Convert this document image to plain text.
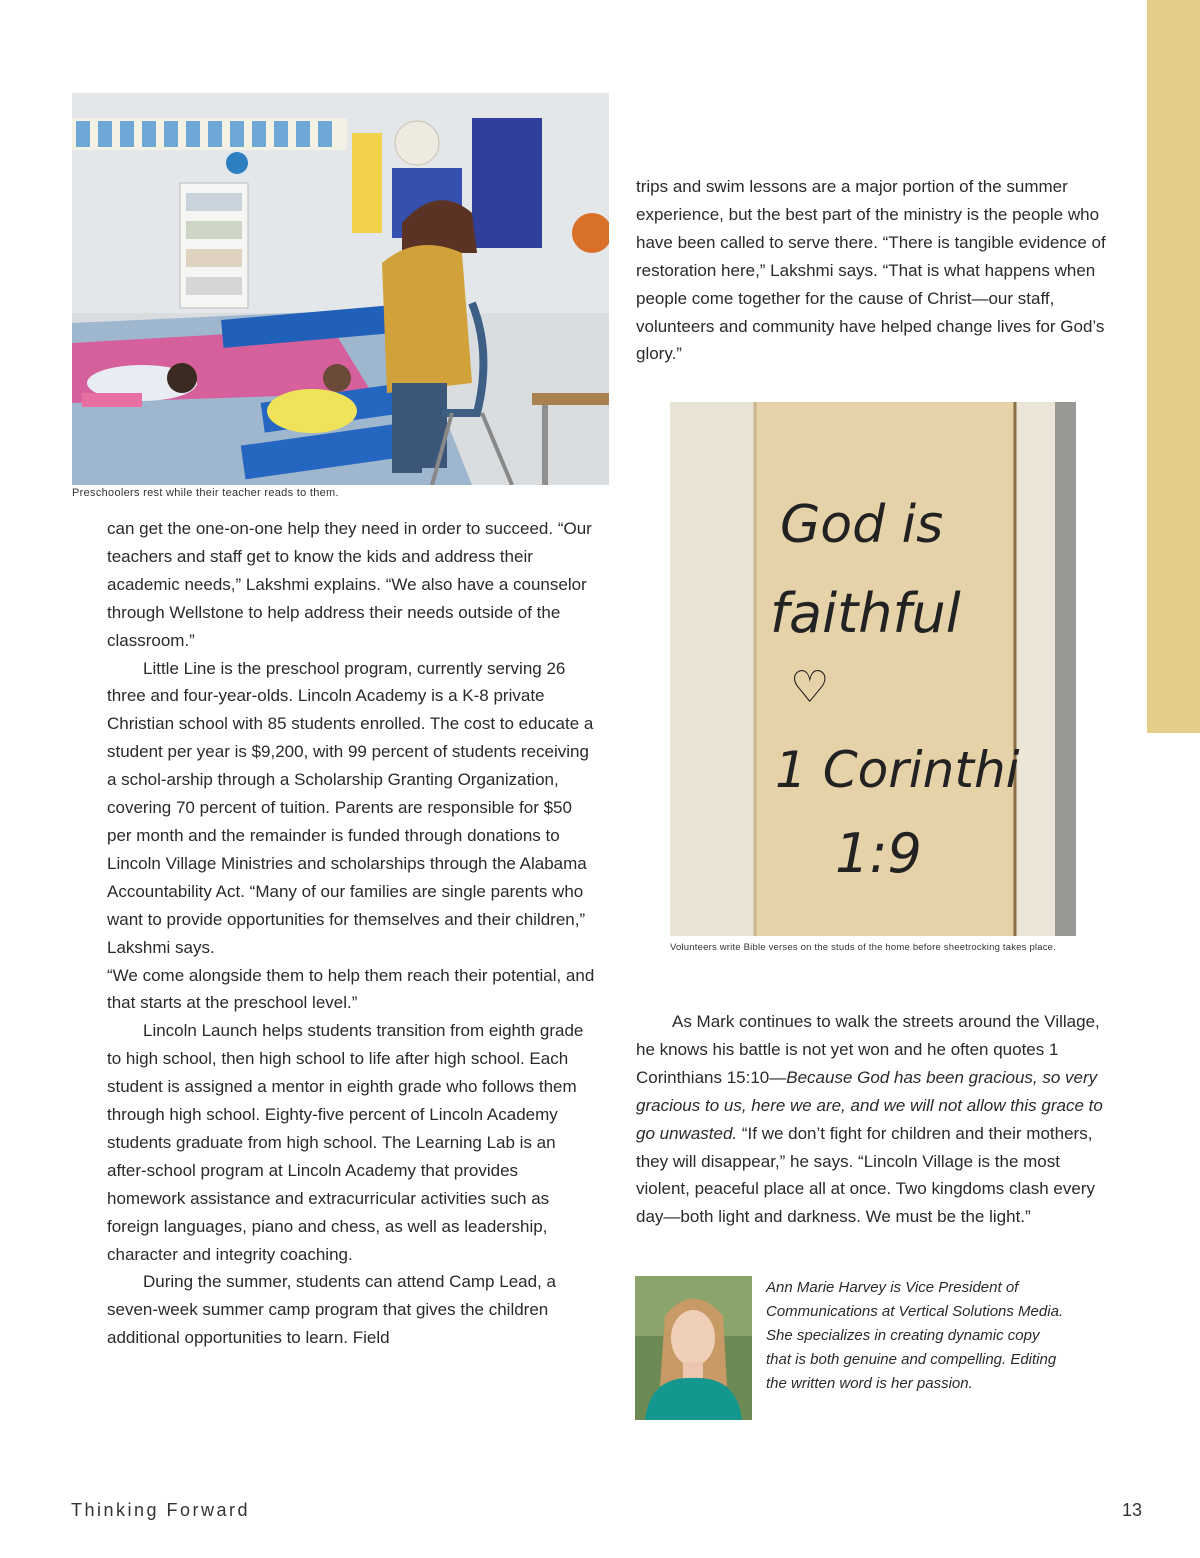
Preschoolers rest while their teacher reads to them.

can get the one-on-one help they need in order to succeed. “Our teachers and staff get to know the kids and address their academic needs,” Lakshmi explains. “We also have a counselor through Wellstone to help address their needs outside of the classroom.”

Little Line is the preschool program, currently serving 26 three and four-year-olds. Lincoln Academy is a K-8 private Christian school with 85 students enrolled. The cost to educate a student per year is $9,200, with 99 percent of students receiving a schol-arship through a Scholarship Granting Organization, covering 70 percent of tuition. Parents are responsible for $50 per month and the remainder is funded through donations to Lincoln Village Ministries and scholarships through the Alabama Accountability Act. “Many of our families are single parents who want to provide opportunities for themselves and their children,” Lakshmi says.

“We come alongside them to help them reach their potential, and that starts at the preschool level.”

Lincoln Launch helps students transition from eighth grade to high school, then high school to life after high school. Each student is assigned a mentor in eighth grade who follows them through high school. Eighty-five percent of Lincoln Academy students graduate from high school. The Learning Lab is an after-school program at Lincoln Academy that provides homework assistance and extracurricular activities such as foreign languages, piano and chess, as well as leadership, character and integrity coaching.

During the summer, students can attend Camp Lead, a seven-week summer camp program that gives the children additional opportunities to learn. Field

trips and swim lessons are a major portion of the summer experience, but the best part of the ministry is the people who have been called to serve there. “There is tangible evidence of restoration here,” Lakshmi says. “That is what happens when people come together for the cause of Christ—our staff, volunteers and community have helped change lives for God’s glory.”

God is
faithful
♡
1 Corinthi
1:9
Volunteers write Bible verses on the studs of the home before sheetrocking takes place.

As Mark continues to walk the streets around the Village, he knows his battle is not yet won and he often quotes 1 Corinthians 15:10—Because God has been gracious, so very gracious to us, here we are, and we will not allow this grace to go unwasted. “If we don’t fight for children and their mothers, they will disappear,” he says. “Lincoln Village is the most violent, peaceful place all at once. Two kingdoms clash every day—both light and darkness. We must be the light.”

Ann Marie Harvey is Vice President of Communications at Vertical Solutions Media. She specializes in creating dynamic copy that is both genuine and compelling. Editing the written word is her passion.
Thinking Forward	13
